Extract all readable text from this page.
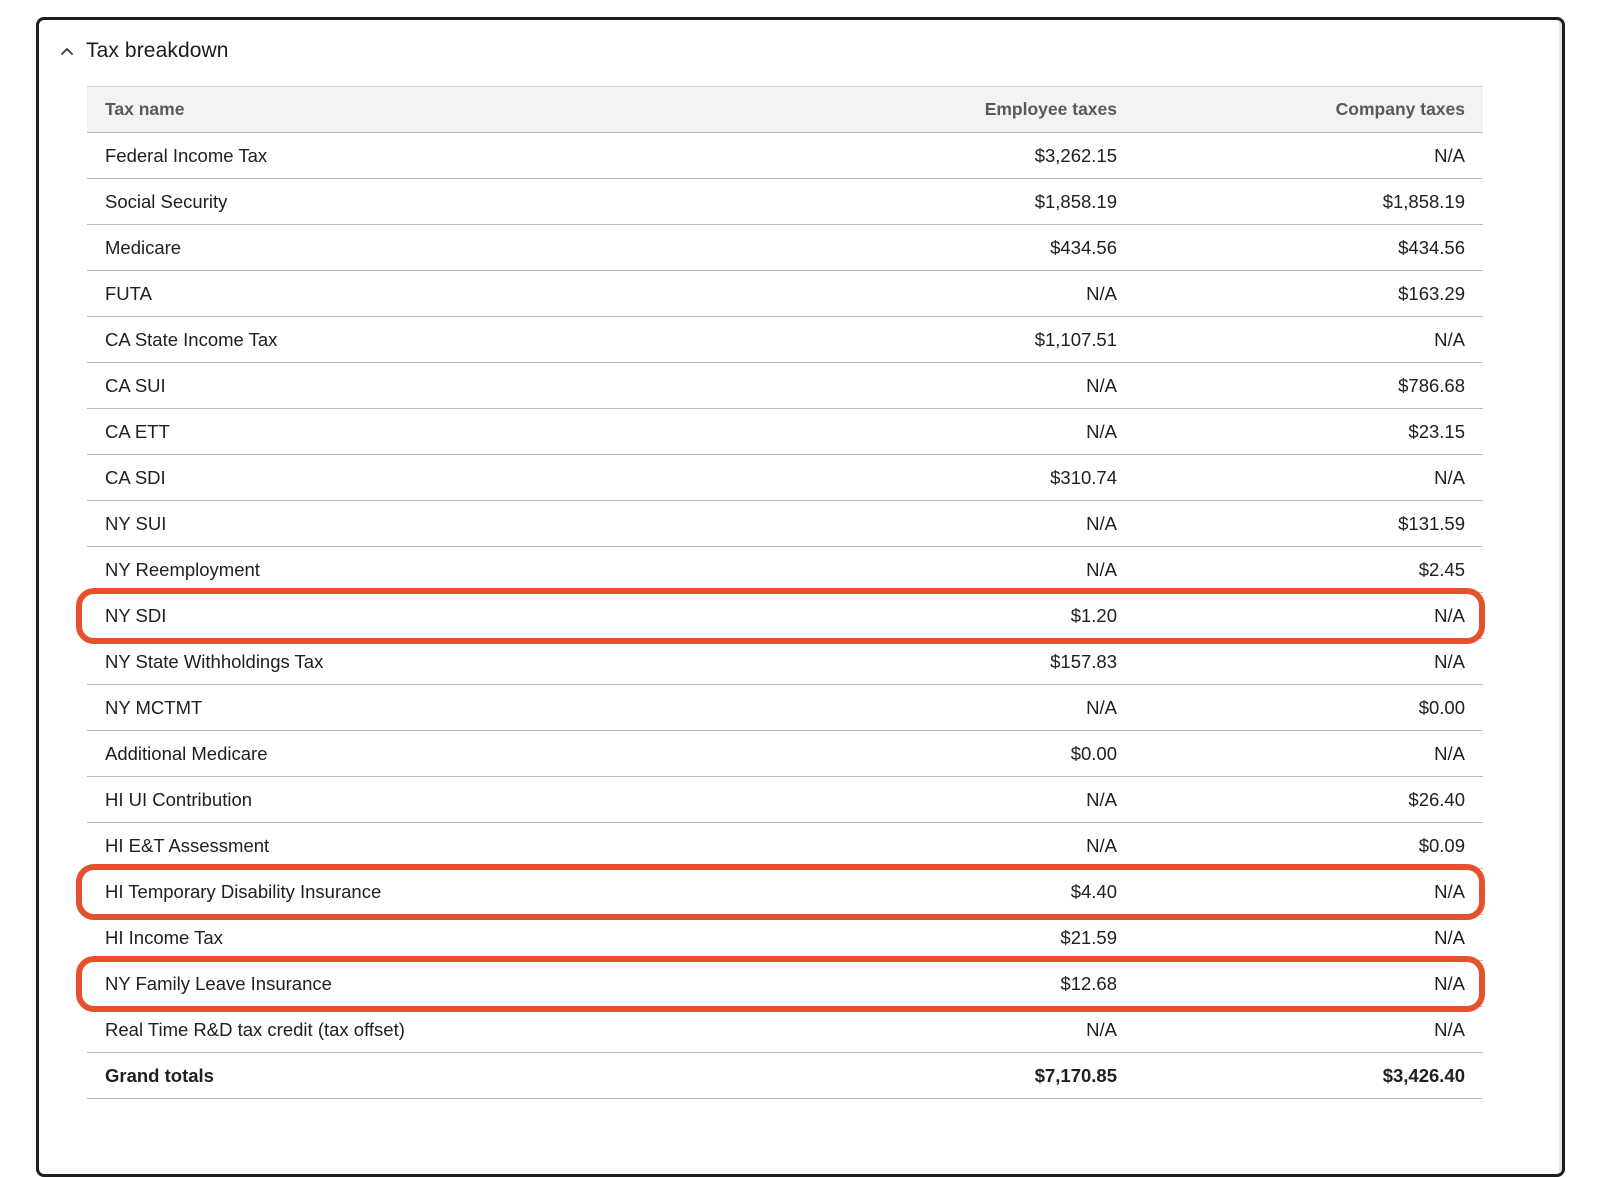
Tax breakdown
Tax name	Employee taxes	Company taxes
Federal Income Tax	$3,262.15	N/A
Social Security	$1,858.19	$1,858.19
Medicare	$434.56	$434.56
FUTA	N/A	$163.29
CA State Income Tax	$1,107.51	N/A
CA SUI	N/A	$786.68
CA ETT	N/A	$23.15
CA SDI	$310.74	N/A
NY SUI	N/A	$131.59
NY Reemployment	N/A	$2.45
NY SDI	$1.20	N/A
NY State Withholdings Tax	$157.83	N/A
NY MCTMT	N/A	$0.00
Additional Medicare	$0.00	N/A
HI UI Contribution	N/A	$26.40
HI E&T Assessment	N/A	$0.09
HI Temporary Disability Insurance	$4.40	N/A
HI Income Tax	$21.59	N/A
NY Family Leave Insurance	$12.68	N/A
Real Time R&D tax credit (tax offset)	N/A	N/A
Grand totals	$7,170.85	$3,426.40
